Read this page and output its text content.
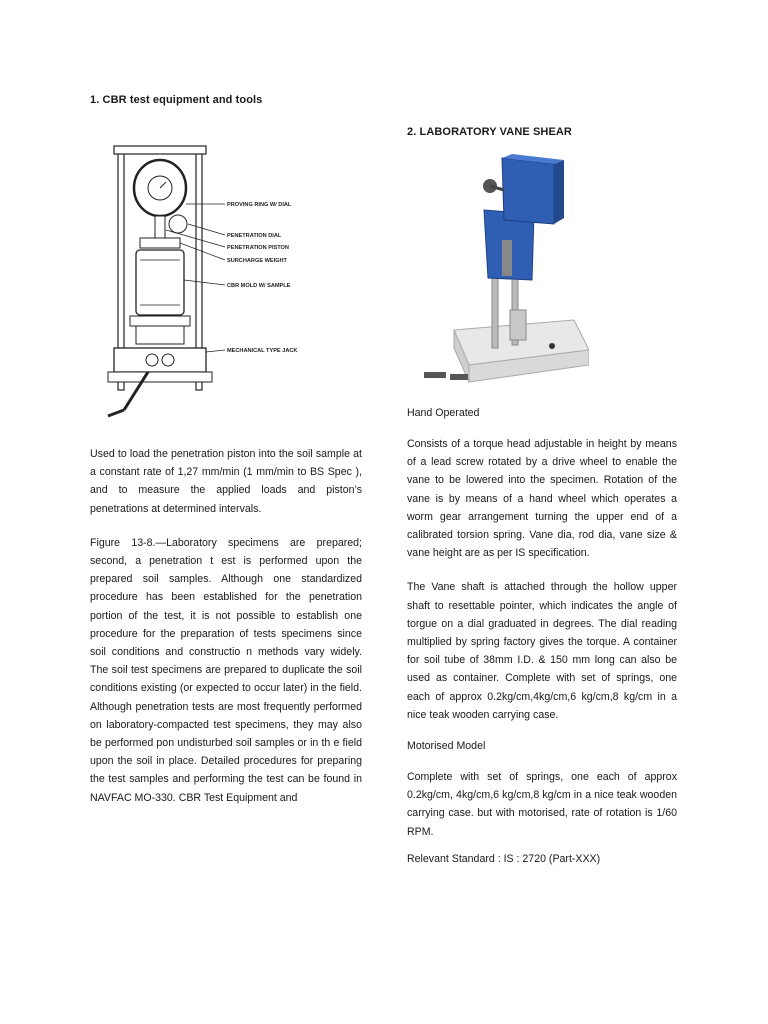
1. CBR test equipment and tools
PROVING RING W/ DIAL
PENETRATION DIAL
PENETRATION PISTON
SURCHARGE WEIGHT
CBR MOLD W/ SAMPLE
MECHANICAL TYPE JACK

Used to load the penetration piston into the soil sample at a constant rate of 1,27 mm/min (1 mm/min to BS Spec ), and to measure the applied loads and piston’s penetrations at determined intervals.

Figure 13-8.—Laboratory specimens are prepared; second, a penetration t est is performed upon the prepared soil samples. Although one standardized procedure has been established for the penetration portion of the test, it is not possible to establish one procedure for the preparation of tests specimens since soil conditions and constructio n methods vary widely. The soil test specimens are prepared to duplicate the soil conditions existing (or expected to occur later) in the field. Although penetration tests are most frequently performed on laboratory-compacted test specimens, they may also be performed pon undisturbed soil samples or in th e field upon the soil in place. Detailed procedures for preparing the test samples and performing the test can be found in NAVFAC MO-330. CBR Test Equipment and

2. LABORATORY VANE SHEAR

Hand Operated

Consists of a torque head adjustable in height by means of a lead screw rotated by a drive wheel to enable the vane to be lowered into the specimen. Rotation of the vane is by means of a hand wheel which operates a worm gear arrangement turning the upper end of a calibrated torsion spring. Vane dia, rod dia, vane size & vane height are as per IS specification.

The Vane shaft is attached through the hollow upper shaft to resettable pointer, which indicates the angle of torgue on a dial graduated in degrees. The dial reading multiplied by spring factory gives the torque. A container for soil tube of 38mm I.D. & 150 mm long can also be used as container. Complete with set of springs, one each of approx 0.2kg/cm,4kg/cm,6 kg/cm,8 kg/cm in a nice teak wooden carrying case.

Motorised Model

Complete with set of springs, one each of approx 0.2kg/cm, 4kg/cm,6 kg/cm,8 kg/cm in a nice teak wooden carrying case. but with motorised, rate of rotation is 1/60 RPM.

Relevant Standard : IS : 2720 (Part-XXX)
